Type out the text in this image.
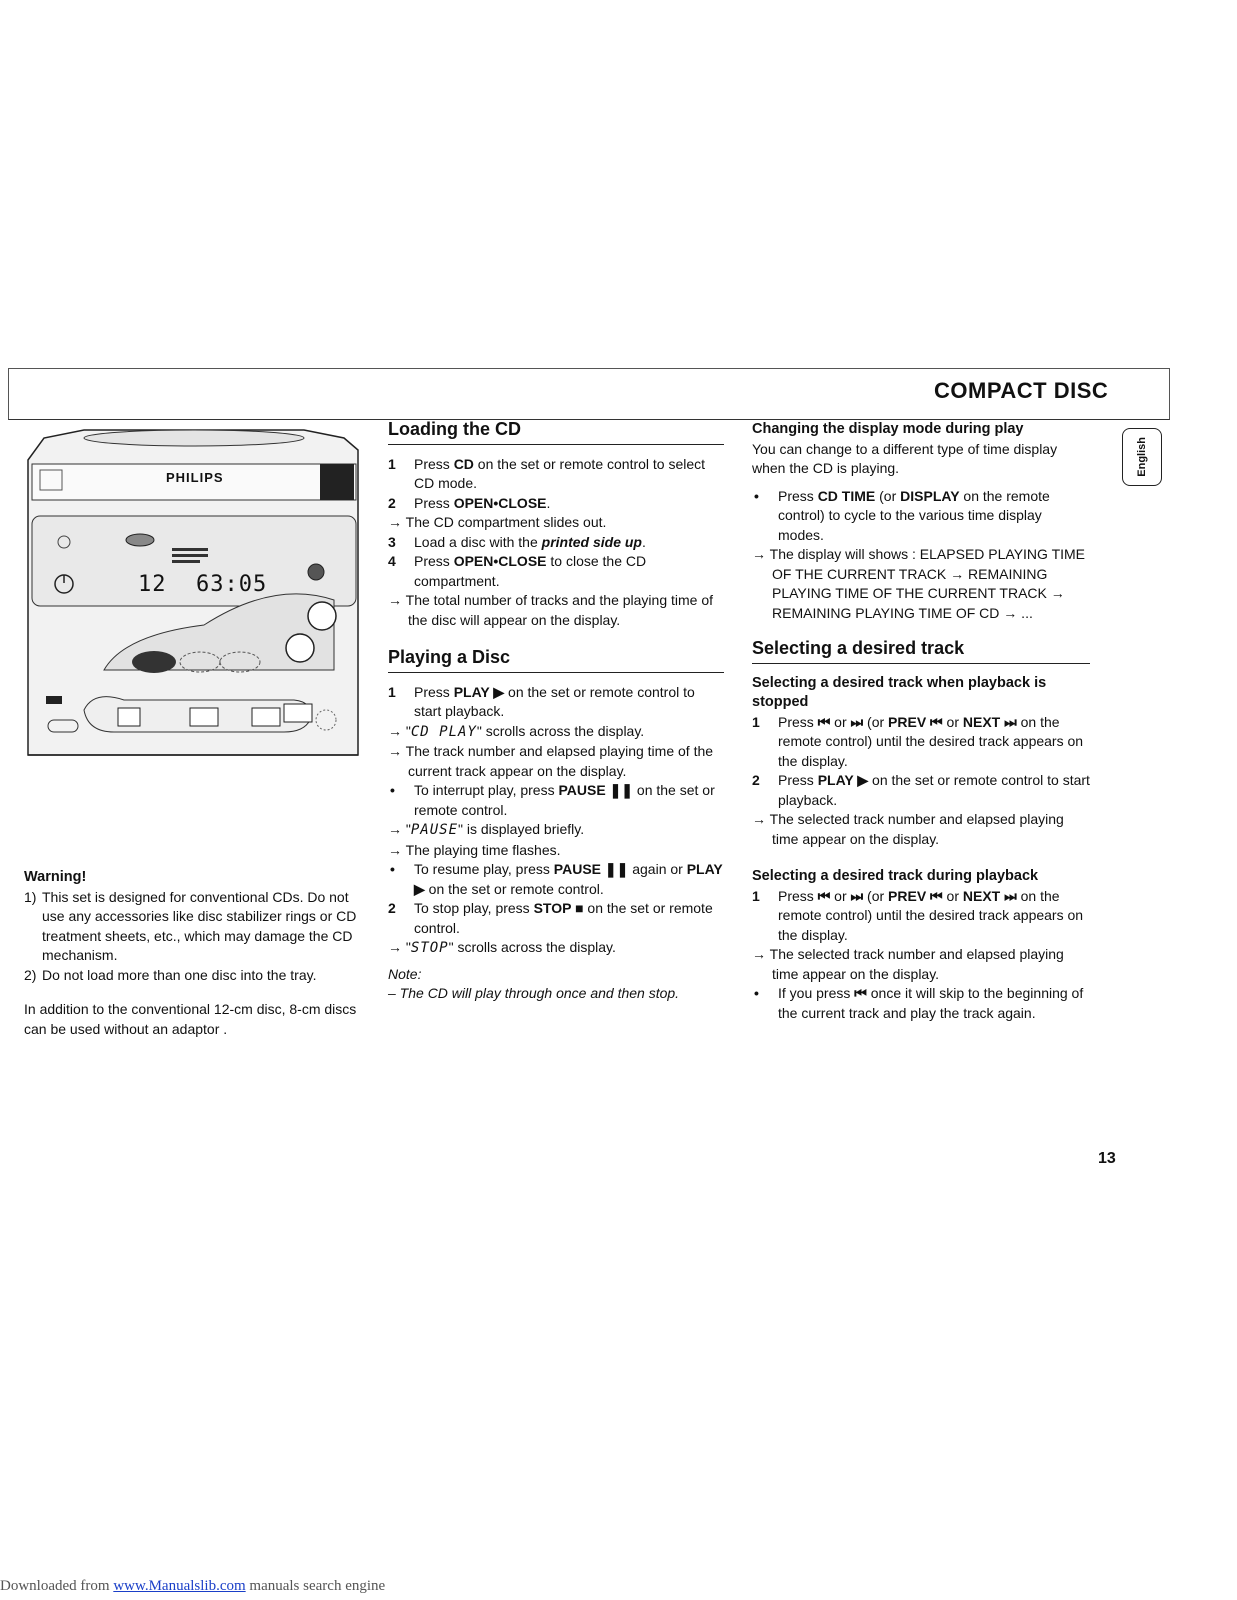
COMPACT DISC
English
PHILIPS
12 63:05
Warning!
1) This set is designed for conventional CDs. Do not use any accessories like disc stabilizer rings or CD treatment sheets, etc., which may damage the CD mechanism.
2) Do not load more than one disc into the tray.
In addition to the conventional 12-cm disc, 8-cm discs can be used without an adaptor .
Loading the CD
1 Press CD on the set or remote control to select CD mode.
2 Press OPEN•CLOSE.

→ The CD compartment slides out.

3 Load a disc with the printed side up.
4 Press OPEN•CLOSE to close the CD compartment.

→ The total number of tracks and the playing time of the disc will appear on the display.

Playing a Disc
1 Press PLAY ▶ on the set or remote control to start playback.

→ "CD PLAY" scrolls across the display.

→ The track number and elapsed playing time of the current track appear on the display.

• To interrupt play, press PAUSE ❚❚ on the set or remote control.

→ "PAUSE" is displayed briefly.

→ The playing time flashes.

• To resume play, press PAUSE ❚❚ again or PLAY ▶ on the set or remote control.
2 To stop play, press STOP ■ on the set or remote control.

→ "STOP" scrolls across the display.

Note:

– The CD will play through once and then stop.

Changing the display mode during play

You can change to a different type of time display when the CD is playing.

• Press CD TIME (or DISPLAY on the remote control) to cycle to the various time display modes.

→ The display will shows : ELAPSED PLAYING TIME OF THE CURRENT TRACK → REMAINING PLAYING TIME OF THE CURRENT TRACK → REMAINING PLAYING TIME OF CD → ...

Selecting a desired track
Selecting a desired track when playback is stopped
1 Press ⏮ or ⏭ (or PREV ⏮ or NEXT ⏭ on the remote control) until the desired track appears on the display.
2 Press PLAY ▶ on the set or remote control to start playback.

→ The selected track number and elapsed playing time appear on the display.

Selecting a desired track during playback
1 Press ⏮ or ⏭ (or PREV ⏮ or NEXT ⏭ on the remote control) until the desired track appears on the display.

→ The selected track number and elapsed playing time appear on the display.

• If you press ⏮ once it will skip to the beginning of the current track and play the track again.
13
Downloaded from www.Manualslib.com manuals search engine
